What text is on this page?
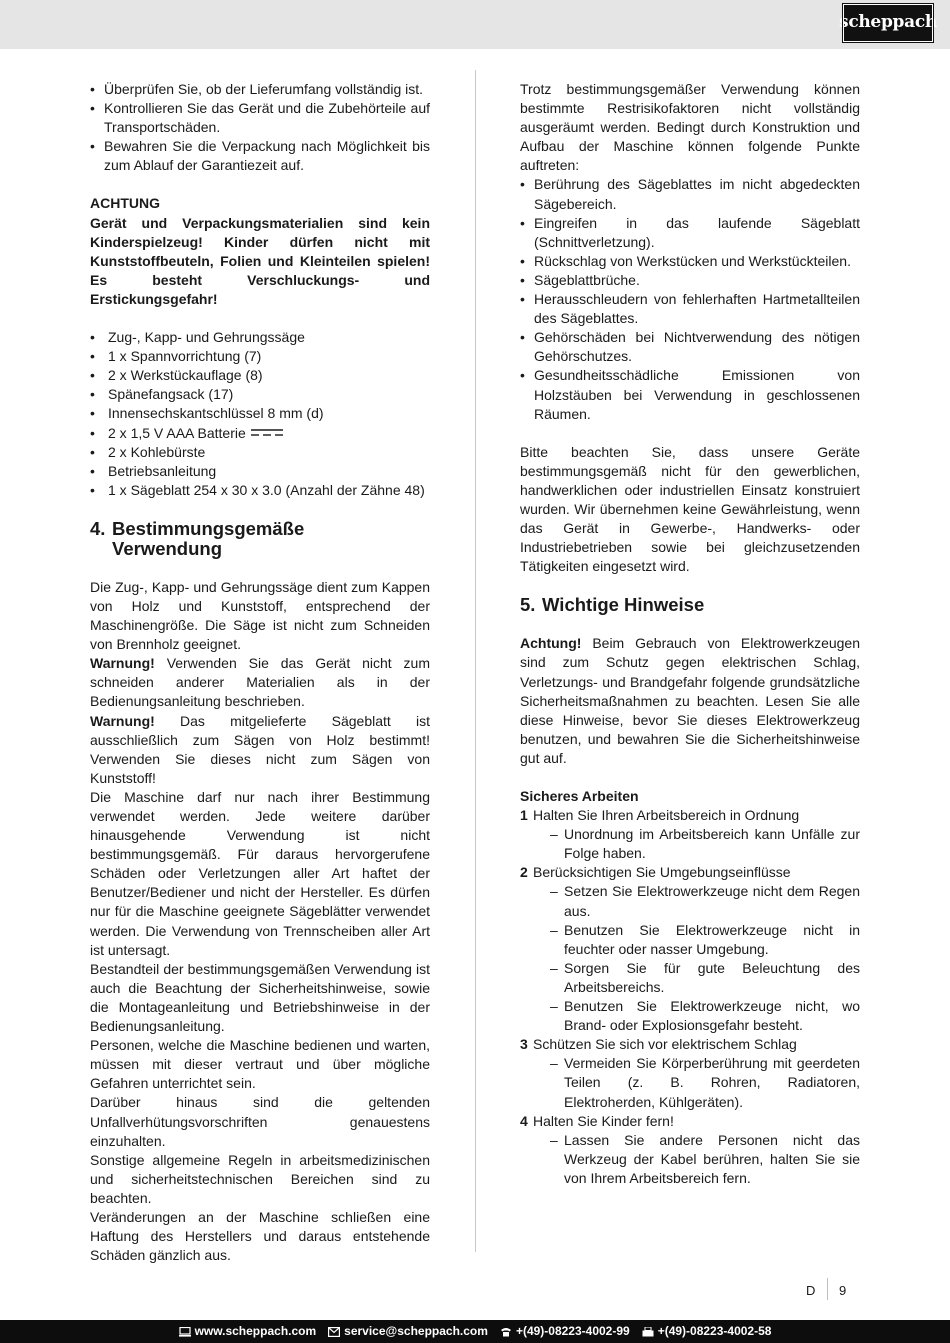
scheppach
• Überprüfen Sie, ob der Lieferumfang vollständig ist.
• Kontrollieren Sie das Gerät und die Zubehörteile auf Transportschäden.
• Bewahren Sie die Verpackung nach Möglichkeit bis zum Ablauf der Garantiezeit auf.
ACHTUNG

Gerät und Verpackungsmaterialien sind kein Kinderspielzeug! Kinder dürfen nicht mit Kunststoffbeuteln, Folien und Kleinteilen spielen! Es besteht Verschluckungs- und Erstickungsgefahr!

• Zug-, Kapp- und Gehrungssäge
• 1 x Spannvorrichtung (7)
• 2 x Werkstückauflage (8)
• Spänefangsack (17)
• Innensechskantschlüssel 8 mm (d)
• 2 x 1,5 V AAA Batterie
• 2 x Kohlebürste
• Betriebsanleitung
• 1 x Sägeblatt 254 x 30 x 3.0 (Anzahl der Zähne 48)
4. Bestimmungsgemäße
Verwendung

Die Zug-, Kapp- und Gehrungssäge dient zum Kappen von Holz und Kunststoff, entsprechend der Maschinengröße. Die Säge ist nicht zum Schneiden von Brennholz geeignet.

Warnung! Verwenden Sie das Gerät nicht zum schneiden anderer Materialien als in der Bedienungsanleitung beschrieben.

Warnung! Das mitgelieferte Sägeblatt ist ausschließlich zum Sägen von Holz bestimmt! Verwenden Sie dieses nicht zum Sägen von Kunststoff!

Die Maschine darf nur nach ihrer Bestimmung verwendet werden. Jede weitere darüber hinausgehende Verwendung ist nicht bestimmungsgemäß. Für daraus hervorgerufene Schäden oder Verletzungen aller Art haftet der Benutzer/Bediener und nicht der Hersteller. Es dürfen nur für die Maschine geeignete Sägeblätter verwendet werden. Die Verwendung von Trennscheiben aller Art ist untersagt.

Bestandteil der bestimmungsgemäßen Verwendung ist auch die Beachtung der Sicherheitshinweise, sowie die Montageanleitung und Betriebshinweise in der Bedienungsanleitung.

Personen, welche die Maschine bedienen und warten, müssen mit dieser vertraut und über mögliche Gefahren unterrichtet sein.

Darüber hinaus sind die geltenden Unfallverhütungsvorschriften genauestens einzuhalten.

Sonstige allgemeine Regeln in arbeitsmedizinischen und sicherheitstechnischen Bereichen sind zu beachten.

Veränderungen an der Maschine schließen eine Haftung des Herstellers und daraus entstehende Schäden gänzlich aus.

Trotz bestimmungsgemäßer Verwendung können bestimmte Restrisikofaktoren nicht vollständig ausgeräumt werden. Bedingt durch Konstruktion und Aufbau der Maschine können folgende Punkte auftreten:

• Berührung des Sägeblattes im nicht abgedeckten Sägebereich.
• Eingreifen in das laufende Sägeblatt (Schnittverletzung).
• Rückschlag von Werkstücken und Werkstückteilen.
• Sägeblattbrüche.
• Herausschleudern von fehlerhaften Hartmetallteilen des Sägeblattes.
• Gehörschäden bei Nichtverwendung des nötigen Gehörschutzes.
• Gesundheitsschädliche Emissionen von Holzstäuben bei Verwendung in geschlossenen Räumen.

Bitte beachten Sie, dass unsere Geräte bestimmungsgemäß nicht für den gewerblichen, handwerklichen oder industriellen Einsatz konstruiert wurden. Wir übernehmen keine Gewährleistung, wenn das Gerät in Gewerbe-, Handwerks- oder Industriebetrieben sowie bei gleichzusetzenden Tätigkeiten eingesetzt wird.

5. Wichtige Hinweise

Achtung! Beim Gebrauch von Elektrowerkzeugen sind zum Schutz gegen elektrischen Schlag, Verletzungs- und Brandgefahr folgende grundsätzliche Sicherheitsmaßnahmen zu beachten. Lesen Sie alle diese Hinweise, bevor Sie dieses Elektrowerkzeug benutzen, und bewahren Sie die Sicherheitshinweise gut auf.

Sicheres Arbeiten
1 Halten Sie Ihren Arbeitsbereich in Ordnung
– Unordnung im Arbeitsbereich kann Unfälle zur Folge haben.
2 Berücksichtigen Sie Umgebungseinflüsse
– Setzen Sie Elektrowerkzeuge nicht dem Regen aus.
– Benutzen Sie Elektrowerkzeuge nicht in feuchter oder nasser Umgebung.
– Sorgen Sie für gute Beleuchtung des Arbeitsbereichs.
– Benutzen Sie Elektrowerkzeuge nicht, wo Brand- oder Explosionsgefahr besteht.
3 Schützen Sie sich vor elektrischem Schlag
– Vermeiden Sie Körperberührung mit geerdeten Teilen (z. B. Rohren, Radiatoren, Elektroherden, Kühlgeräten).
4 Halten Sie Kinder fern!
– Lassen Sie andere Personen nicht das Werkzeug der Kabel berühren, halten Sie sie von Ihrem Arbeitsbereich fern.
D 9
www.scheppach.com service@scheppach.com +(49)-08223-4002-99 +(49)-08223-4002-58
